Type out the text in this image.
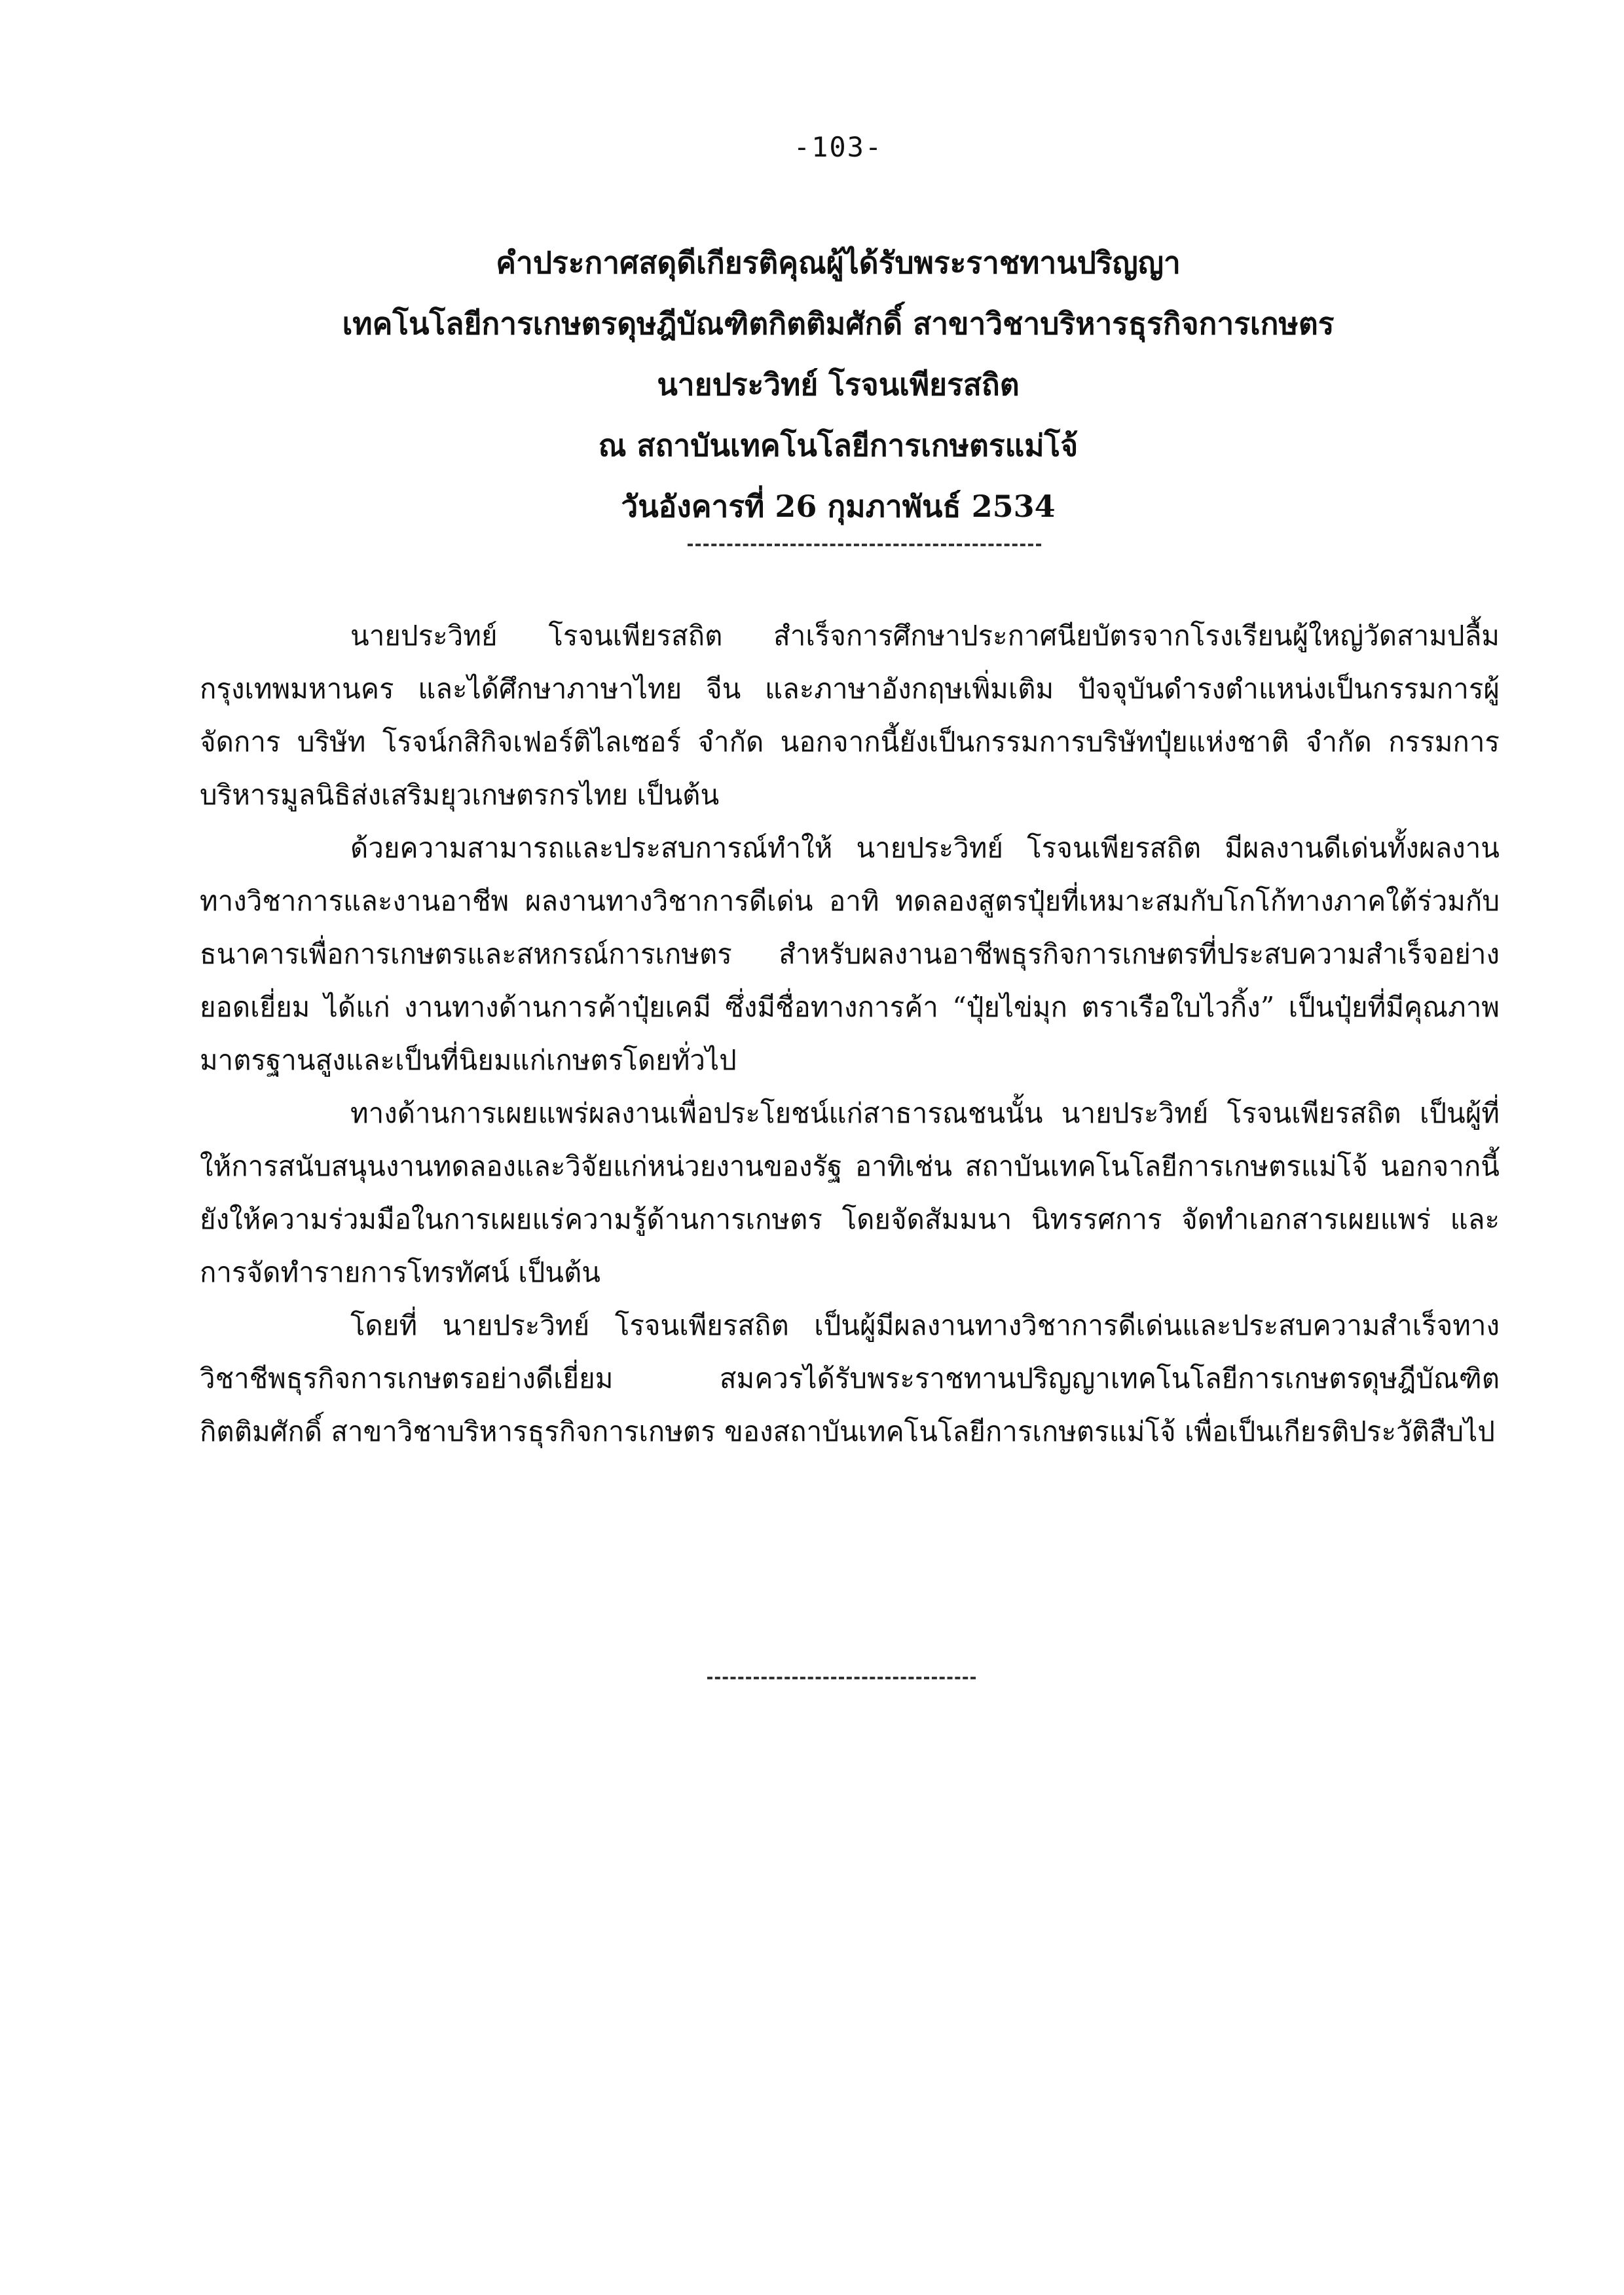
-103-
คำประกาศสดุดีเกียรติคุณผู้ได้รับพระราชทานปริญญา
เทคโนโลยีการเกษตรดุษฎีบัณฑิตกิตติมศักดิ์ สาขาวิชาบริหารธุรกิจการเกษตร
นายประวิทย์ โรจนเพียรสถิต
ณ สถาบันเทคโนโลยีการเกษตรแม่โจ้
วันอังคารที่ 26 กุมภาพันธ์ 2534

นายประวิทย์ โรจนเพียรสถิต สำเร็จการศึกษาประกาศนียบัตรจากโรงเรียนผู้ใหญ่วัดสามปลื้ม กรุงเทพมหานคร และได้ศึกษาภาษาไทย จีน และภาษาอังกฤษเพิ่มเติม ปัจจุบันดำรงตำแหน่งเป็นกรรมการผู้จัดการ บริษัท โรจน์กสิกิจเฟอร์ติไลเซอร์ จำกัด นอกจากนี้ยังเป็นกรรมการบริษัทปุ๋ยแห่งชาติ จำกัด กรรมการบริหารมูลนิธิส่งเสริมยุวเกษตรกรไทย เป็นต้น

ด้วยความสามารถและประสบการณ์ทำให้ นายประวิทย์ โรจนเพียรสถิต มีผลงานดีเด่นทั้งผลงานทางวิชาการและงานอาชีพ ผลงานทางวิชาการดีเด่น อาทิ ทดลองสูตรปุ๋ยที่เหมาะสมกับโกโก้ทางภาคใต้ร่วมกับธนาคารเพื่อการเกษตรและสหกรณ์การเกษตร สำหรับผลงานอาชีพธุรกิจการเกษตรที่ประสบความสำเร็จอย่างยอดเยี่ยม ได้แก่ งานทางด้านการค้าปุ๋ยเคมี ซึ่งมีชื่อทางการค้า “ปุ๋ยไข่มุก ตราเรือใบไวกิ้ง” เป็นปุ๋ยที่มีคุณภาพมาตรฐานสูงและเป็นที่นิยมแก่เกษตรโดยทั่วไป

ทางด้านการเผยแพร่ผลงานเพื่อประโยชน์แก่สาธารณชนนั้น นายประวิทย์ โรจนเพียรสถิต เป็นผู้ที่ให้การสนับสนุนงานทดลองและวิจัยแก่หน่วยงานของรัฐ อาทิเช่น สถาบันเทคโนโลยีการเกษตรแม่โจ้ นอกจากนี้ยังให้ความร่วมมือในการเผยแร่ความรู้ด้านการเกษตร โดยจัดสัมมนา นิทรรศการ จัดทำเอกสารเผยแพร่ และการจัดทำรายการโทรทัศน์ เป็นต้น

โดยที่ นายประวิทย์ โรจนเพียรสถิต เป็นผู้มีผลงานทางวิชาการดีเด่นและประสบความสำเร็จทางวิชาชีพธุรกิจการเกษตรอย่างดีเยี่ยม สมควรได้รับพระราชทานปริญญาเทคโนโลยีการเกษตรดุษฎีบัณฑิตกิตติมศักดิ์ สาขาวิชาบริหารธุรกิจการเกษตร ของสถาบันเทคโนโลยีการเกษตรแม่โจ้ เพื่อเป็นเกียรติประวัติสืบไป
